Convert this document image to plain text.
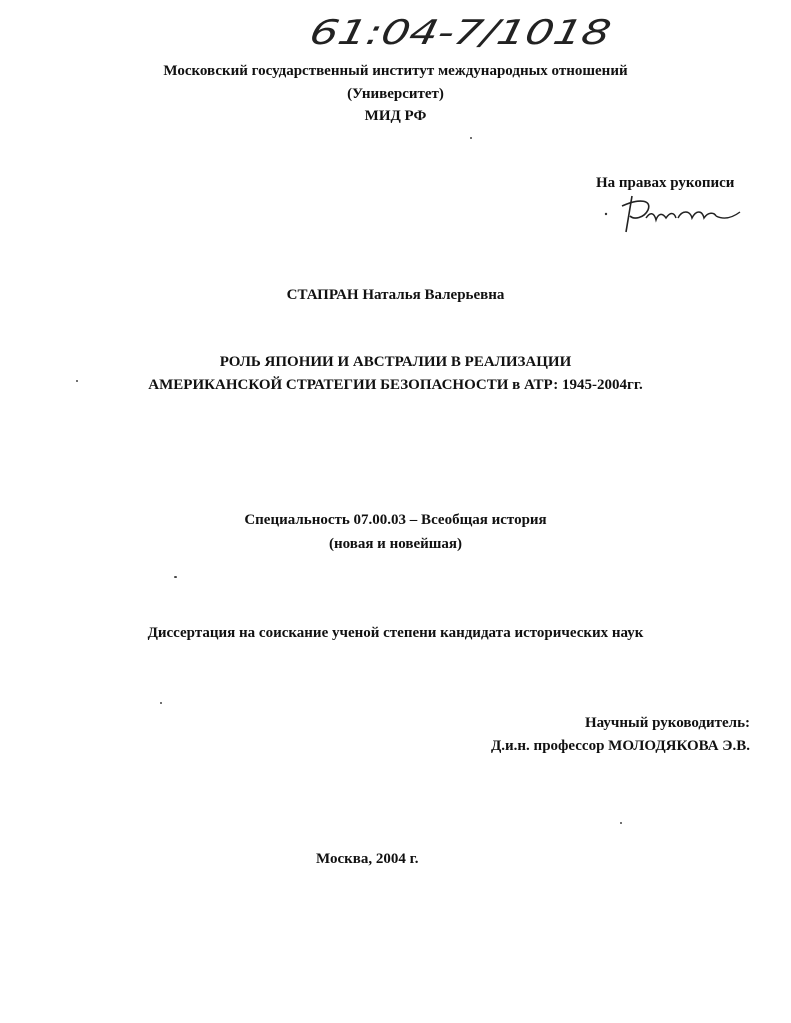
61:04-7/1018
Московский государственный институт международных отношений
(Университет)
МИД РФ
На правах рукописи
СТАПРАН Наталья Валерьевна
РОЛЬ ЯПОНИИ И АВСТРАЛИИ В РЕАЛИЗАЦИИ
АМЕРИКАНСКОЙ СТРАТЕГИИ БЕЗОПАСНОСТИ в АТР: 1945-2004гг.
Специальность 07.00.03 – Всеобщая история
(новая и новейшая)
Диссертация на соискание ученой степени кандидата исторических наук
Научный руководитель:
Д.и.н. профессор МОЛОДЯКОВА Э.В.
Москва, 2004 г.
